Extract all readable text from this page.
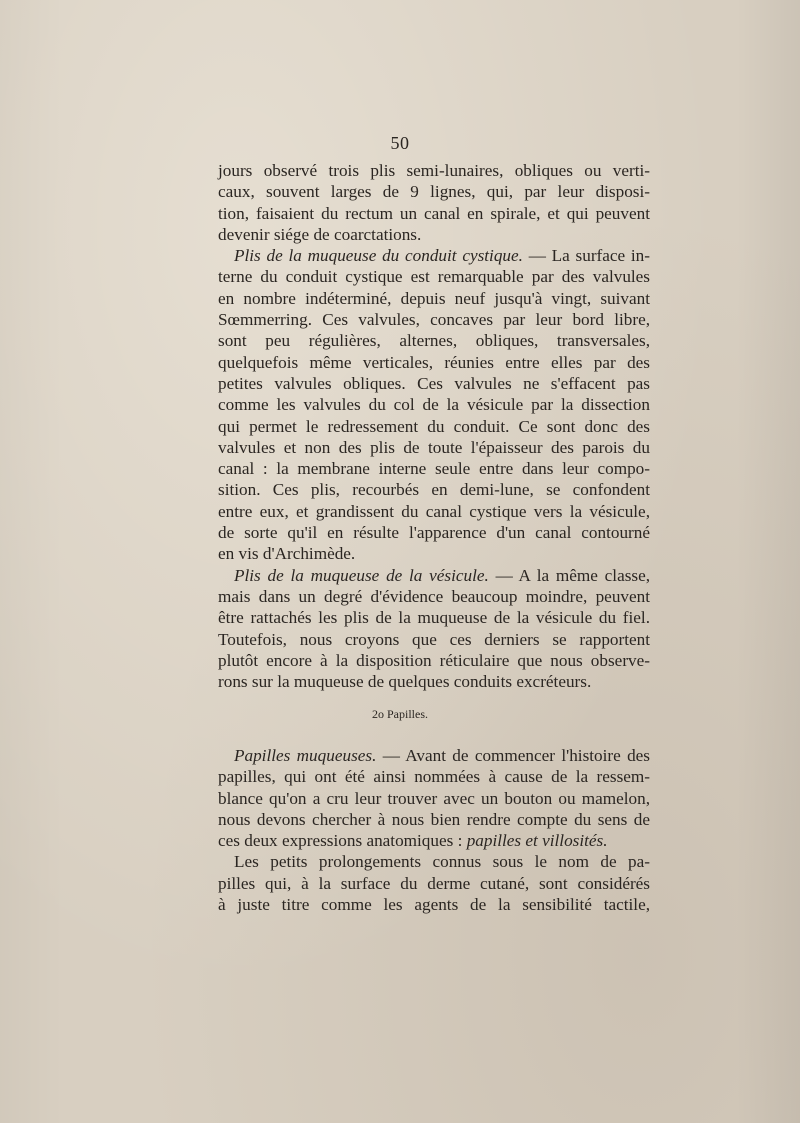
50
jours observé trois plis semi-lunaires, obliques ou verti-
caux, souvent larges de 9 lignes, qui, par leur disposi-
tion, faisaient du rectum un canal en spirale, et qui peuvent
devenir siége de coarctations.
Plis de la muqueuse du conduit cystique. — La surface in-
terne du conduit cystique est remarquable par des valvules
en nombre indéterminé, depuis neuf jusqu'à vingt, suivant
Sœmmerring. Ces valvules, concaves par leur bord libre,
sont peu régulières, alternes, obliques, transversales,
quelquefois même verticales, réunies entre elles par des
petites valvules obliques. Ces valvules ne s'effacent pas
comme les valvules du col de la vésicule par la dissection
qui permet le redressement du conduit. Ce sont donc des
valvules et non des plis de toute l'épaisseur des parois du
canal : la membrane interne seule entre dans leur compo-
sition. Ces plis, recourbés en demi-lune, se confondent
entre eux, et grandissent du canal cystique vers la vésicule,
de sorte qu'il en résulte l'apparence d'un canal contourné
en vis d'Archimède.
Plis de la muqueuse de la vésicule. — A la même classe,
mais dans un degré d'évidence beaucoup moindre, peuvent
être rattachés les plis de la muqueuse de la vésicule du fiel.
Toutefois, nous croyons que ces derniers se rapportent
plutôt encore à la disposition réticulaire que nous observe-
rons sur la muqueuse de quelques conduits excréteurs.
2o Papilles.
Papilles muqueuses. — Avant de commencer l'histoire des
papilles, qui ont été ainsi nommées à cause de la ressem-
blance qu'on a cru leur trouver avec un bouton ou mamelon,
nous devons chercher à nous bien rendre compte du sens de
ces deux expressions anatomiques : papilles et villosités.
Les petits prolongements connus sous le nom de pa-
pilles qui, à la surface du derme cutané, sont considérés
à juste titre comme les agents de la sensibilité tactile,
